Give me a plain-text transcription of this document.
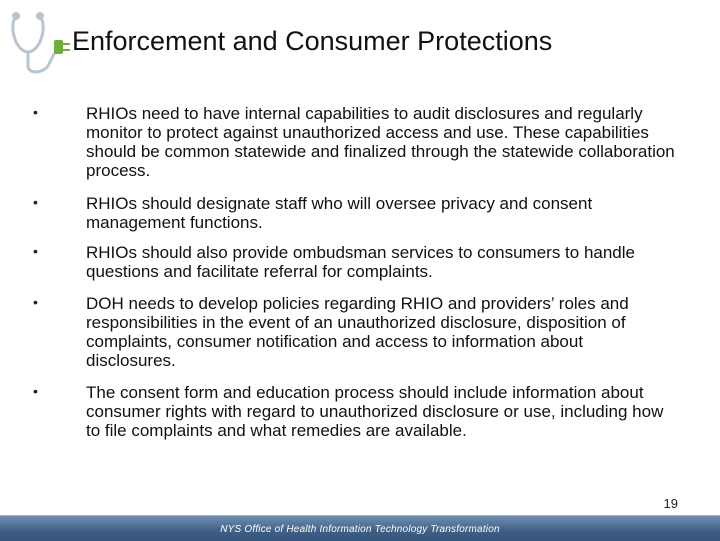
Enforcement and Consumer Protections
•	RHIOs need to have internal capabilities to audit disclosures and regularly monitor to protect against unauthorized access and use. These capabilities should be common statewide and finalized through the statewide collaboration process.
•	RHIOs should designate staff who will oversee privacy and consent management functions.
•	RHIOs should also provide ombudsman services to consumers to handle questions and facilitate referral for complaints.
•	DOH needs to develop policies regarding RHIO and providers’ roles and responsibilities in the event of an unauthorized disclosure, disposition of complaints, consumer notification and access to information about disclosures.
•	The consent form and education process should include information about consumer rights with regard to unauthorized disclosure or use, including how to file complaints and what remedies are available.
19
NYS Office of Health Information Technology Transformation
